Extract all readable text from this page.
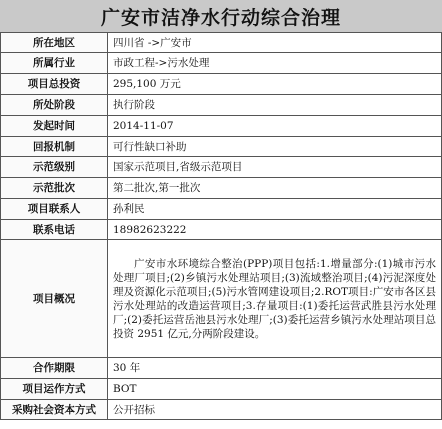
广安市洁净水行动综合治理
所在地区	四川省 ->广安市
所属行业	市政工程->污水处理
项目总投资	295,100 万元
所处阶段	执行阶段
发起时间	2014-11-07
回报机制	可行性缺口补助
示范级别	国家示范项目,省级示范项目
示范批次	第二批次,第一批次
项目联系人	孙利民
联系电话	18982623222
项目概况	广安市水环境综合整治(PPP)项目包括:1.增量部分:(1)城市污水处理厂项目;(2)乡镇污水处理站项目;(3)流域整治项目;(4)污泥深度处理及资源化示范项目;(5)污水管网建设项目;2.ROT项目:广安市各区县污水处理站的改造运营项目;3.存量项目:(1)委托运营武胜县污水处理厂;(2)委托运营岳池县污水处理厂;(3)委托运营乡镇污水处理站项目总投资 2951 亿元,分两阶段建设。
合作期限	30 年
项目运作方式	BOT
采购社会资本方式	公开招标
